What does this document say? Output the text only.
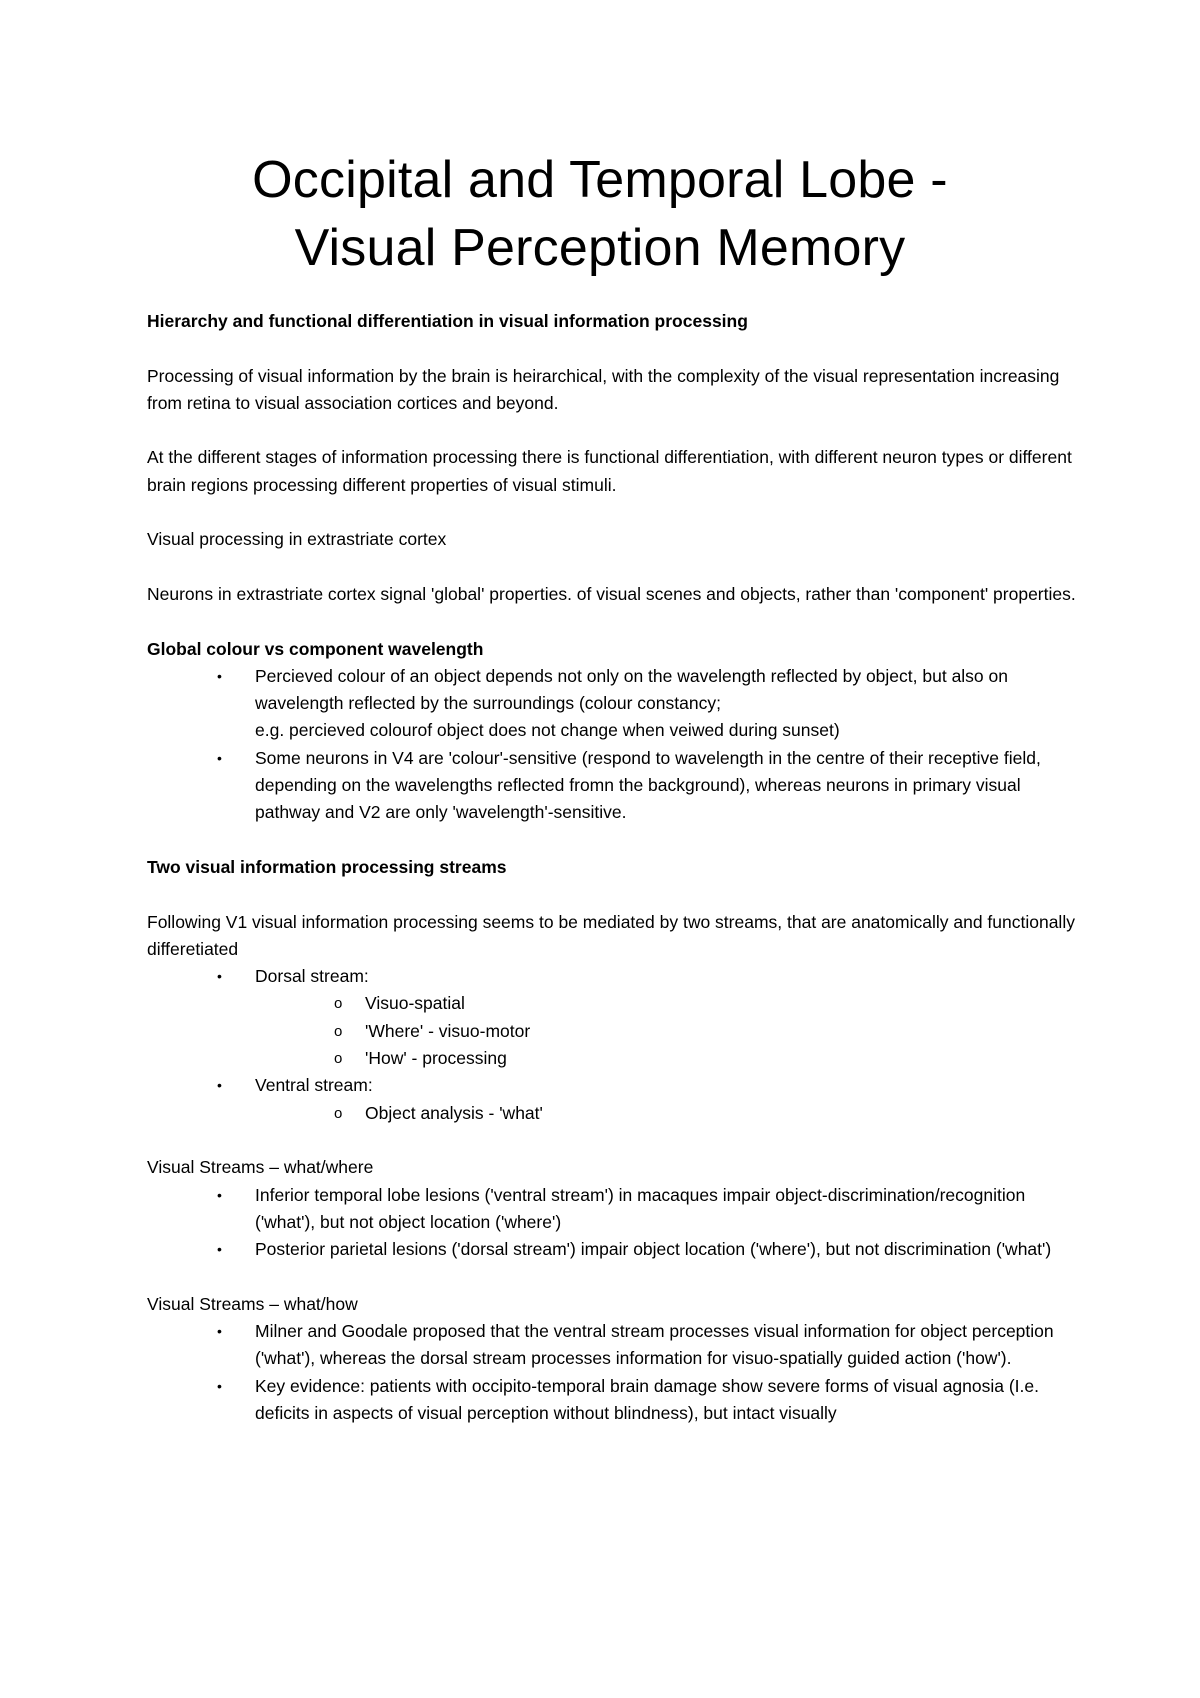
Occipital and Temporal Lobe -
Visual Perception Memory

Hierarchy and functional differentiation in visual information processing

Processing of visual information by the brain is heirarchical, with the complexity of the visual representation increasing from retina to visual association cortices and beyond.

At the different stages of information processing there is functional differentiation, with different neuron types or different brain regions processing different properties of visual stimuli.

Visual processing in extrastriate cortex

Neurons in extrastriate cortex signal 'global' properties. of visual scenes and objects, rather than 'component' properties.

Global colour vs component wavelength

• Percieved colour of an object depends not only on the wavelength reflected by object, but also on wavelength reflected by the surroundings (colour constancy;
e.g. percieved colourof object does not change when veiwed during sunset)
• Some neurons in V4 are 'colour'-sensitive (respond to wavelength in the centre of their receptive field, depending on the wavelengths reflected fromn the background), whereas neurons in primary visual pathway and V2 are only 'wavelength'-sensitive.

Two visual information processing streams

Following V1 visual information processing seems to be mediated by two streams, that are anatomically and functionally differetiated

• Dorsal stream:
o Visuo-spatial
o 'Where' - visuo-motor
o 'How' - processing
• Ventral stream:
o Object analysis - 'what'

Visual Streams – what/where

• Inferior temporal lobe lesions ('ventral stream') in macaques impair object-discrimination/recognition ('what'), but not object location ('where')
• Posterior parietal lesions ('dorsal stream') impair object location ('where'), but not discrimination ('what')

Visual Streams – what/how

• Milner and Goodale proposed that the ventral stream processes visual information for object perception ('what'), whereas the dorsal stream processes information for visuo-spatially guided action ('how').
• Key evidence: patients with occipito-temporal brain damage show severe forms of visual agnosia (I.e. deficits in aspects of visual perception without blindness), but intact visually
